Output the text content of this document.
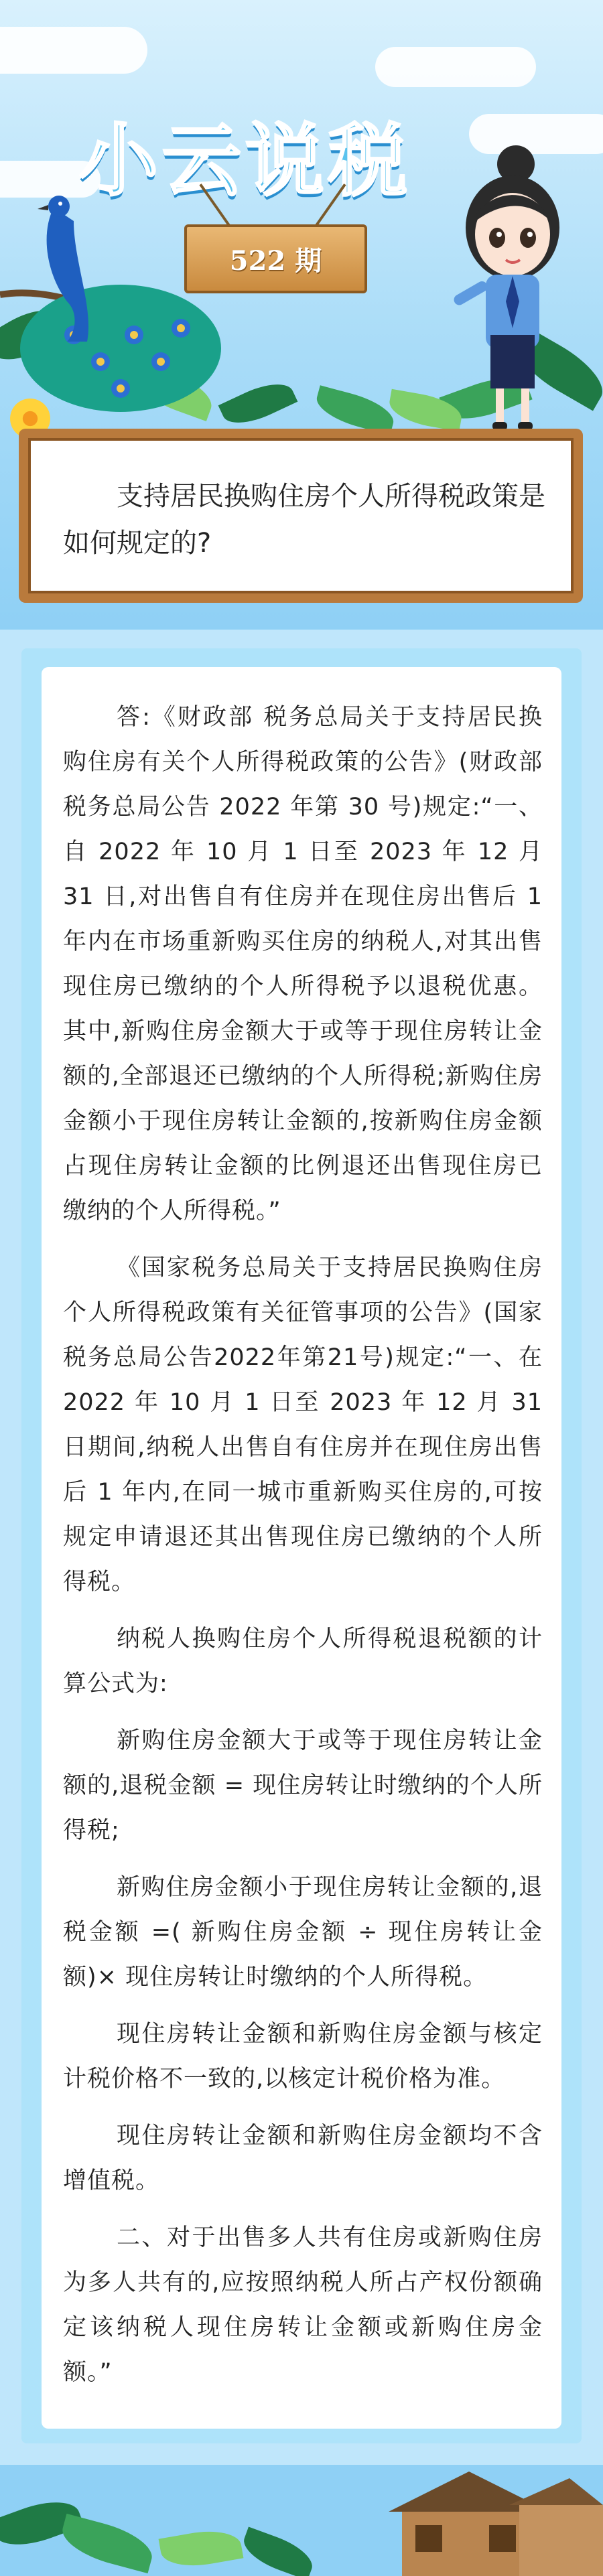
小云说税
522 期
支持居民换购住房个人所得税政策是如何规定的?

答:《财政部 税务总局关于支持居民换购住房有关个人所得税政策的公告》(财政部 税务总局公告 2022 年第 30 号)规定:“一、自 2022 年 10 月 1 日至 2023 年 12 月 31 日,对出售自有住房并在现住房出售后 1 年内在市场重新购买住房的纳税人,对其出售现住房已缴纳的个人所得税予以退税优惠。其中,新购住房金额大于或等于现住房转让金额的,全部退还已缴纳的个人所得税;新购住房金额小于现住房转让金额的,按新购住房金额占现住房转让金额的比例退还出售现住房已缴纳的个人所得税。”

《国家税务总局关于支持居民换购住房个人所得税政策有关征管事项的公告》(国家税务总局公告2022年第21号)规定:“一、在 2022 年 10 月 1 日至 2023 年 12 月 31 日期间,纳税人出售自有住房并在现住房出售后 1 年内,在同一城市重新购买住房的,可按规定申请退还其出售现住房已缴纳的个人所得税。

纳税人换购住房个人所得税退税额的计算公式为:

新购住房金额大于或等于现住房转让金额的,退税金额 = 现住房转让时缴纳的个人所得税;

新购住房金额小于现住房转让金额的,退税金额 =( 新购住房金额 ÷ 现住房转让金额)× 现住房转让时缴纳的个人所得税。

现住房转让金额和新购住房金额与核定计税价格不一致的,以核定计税价格为准。

现住房转让金额和新购住房金额均不含增值税。

二、对于出售多人共有住房或新购住房为多人共有的,应按照纳税人所占产权份额确定该纳税人现住房转让金额或新购住房金额。”
